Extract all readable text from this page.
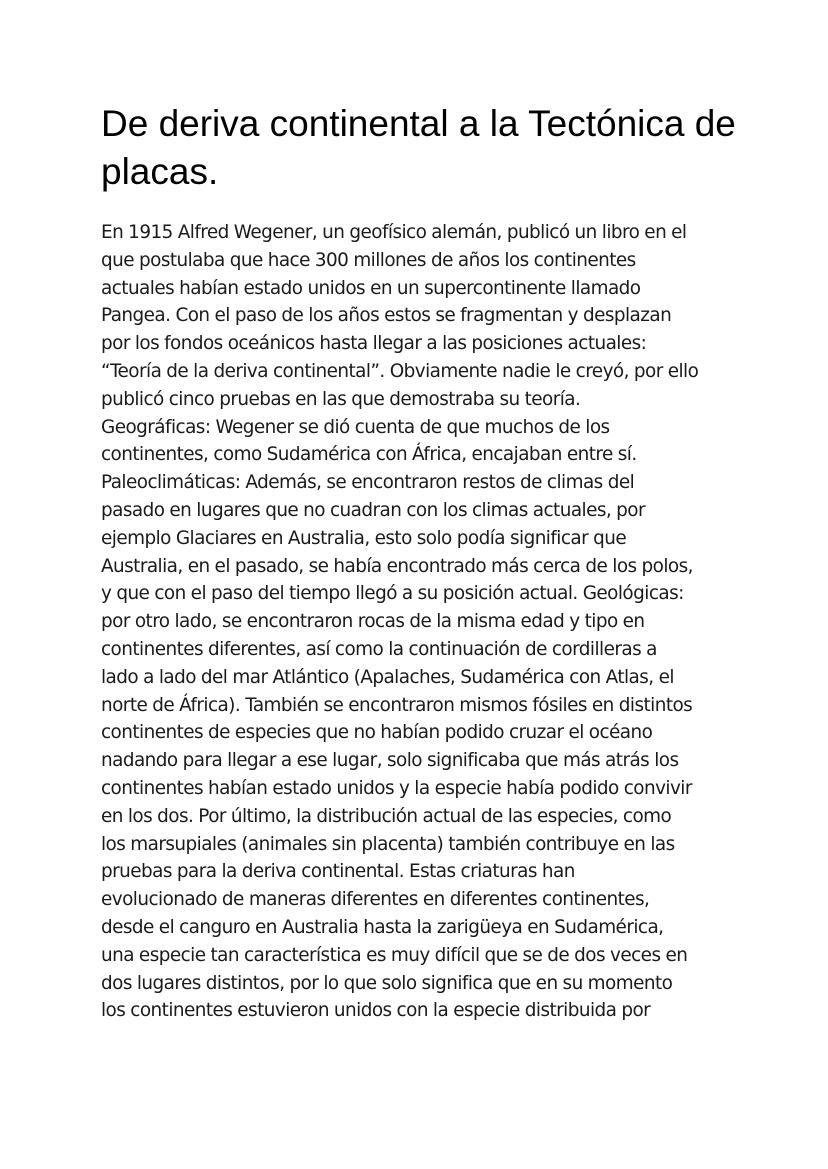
De deriva continental a la Tectónica de placas.
En 1915 Alfred Wegener, un geofísico alemán, publicó un libro en el
que postulaba que hace 300 millones de años los continentes
actuales habían estado unidos en un supercontinente llamado
Pangea. Con el paso de los años estos se fragmentan y desplazan
por los fondos oceánicos hasta llegar a las posiciones actuales:
“Teoría de la deriva continental”. Obviamente nadie le creyó, por ello
publicó cinco pruebas en las que demostraba su teoría.
Geográficas: Wegener se dió cuenta de que muchos de los
continentes, como Sudamérica con África, encajaban entre sí.
Paleoclimáticas: Además, se encontraron restos de climas del
pasado en lugares que no cuadran con los climas actuales, por
ejemplo Glaciares en Australia, esto solo podía significar que
Australia, en el pasado, se había encontrado más cerca de los polos,
y que con el paso del tiempo llegó a su posición actual. Geológicas:
por otro lado, se encontraron rocas de la misma edad y tipo en
continentes diferentes, así como la continuación de cordilleras a
lado a lado del mar Atlántico (Apalaches, Sudamérica con Atlas, el
norte de África). También se encontraron mismos fósiles en distintos
continentes de especies que no habían podido cruzar el océano
nadando para llegar a ese lugar, solo significaba que más atrás los
continentes habían estado unidos y la especie había podido convivir
en los dos. Por último, la distribución actual de las especies, como
los marsupiales (animales sin placenta) también contribuye en las
pruebas para la deriva continental. Estas criaturas han
evolucionado de maneras diferentes en diferentes continentes,
desde el canguro en Australia hasta la zarigüeya en Sudamérica,
una especie tan característica es muy difícil que se de dos veces en
dos lugares distintos, por lo que solo significa que en su momento
los continentes estuvieron unidos con la especie distribuida por
